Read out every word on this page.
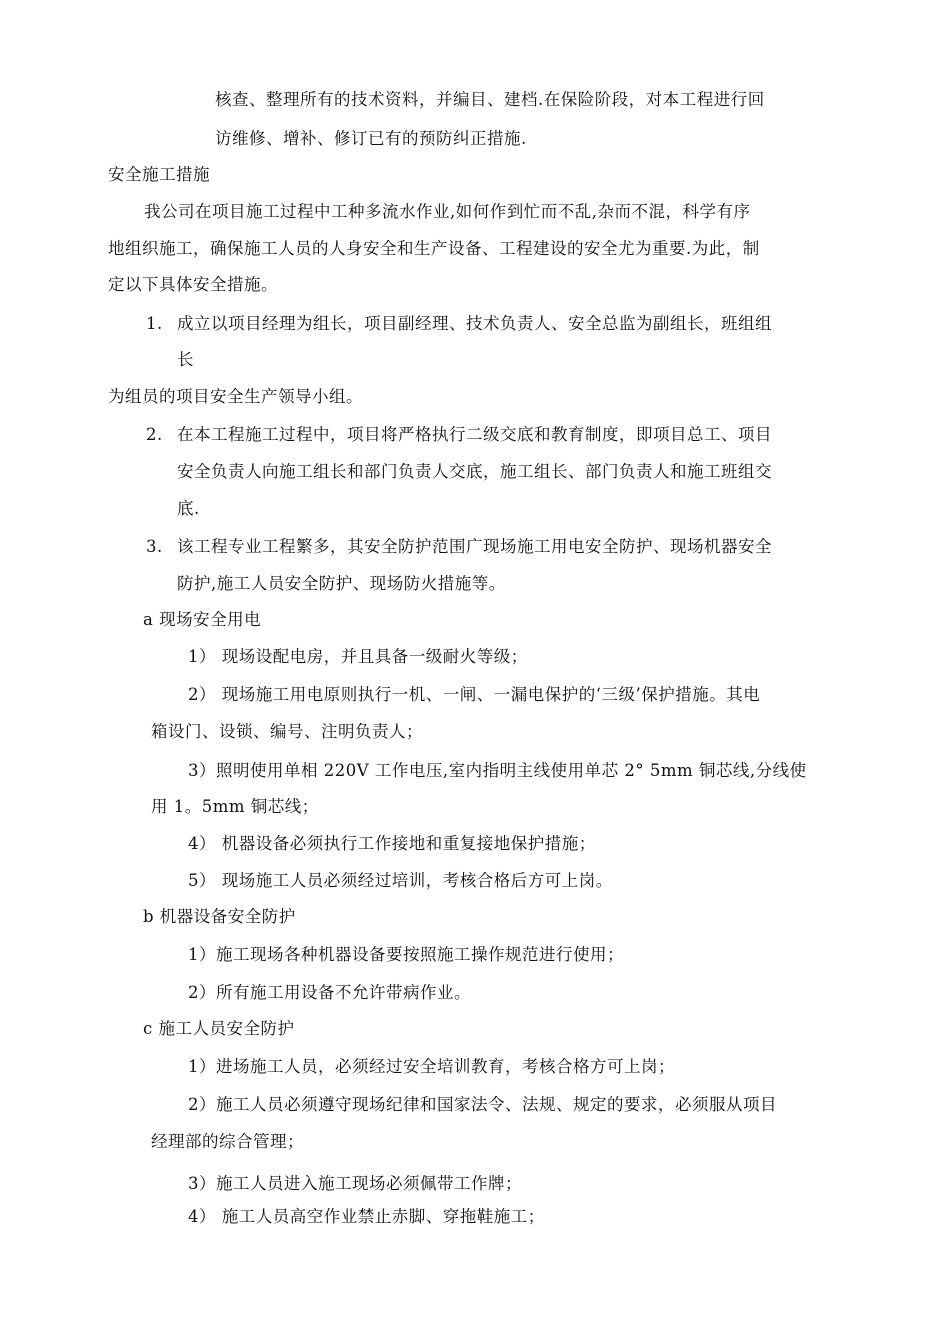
核查、整理所有的技术资料，并编目、建档.在保险阶段，对本工程进行回
访维修、增补、修订已有的预防纠正措施.
安全施工措施
我公司在项目施工过程中工种多流水作业,如何作到忙而不乱,杂而不混，科学有序
地组织施工，确保施工人员的人身安全和生产设备、工程建设的安全尤为重要.为此，制
定以下具体安全措施。
1. 成立以项目经理为组长，项目副经理、技术负责人、安全总监为副组长，班组组
长
为组员的项目安全生产领导小组。
2. 在本工程施工过程中，项目将严格执行二级交底和教育制度，即项目总工、项目
安全负责人向施工组长和部门负责人交底，施工组长、部门负责人和施工班组交
底.
3. 该工程专业工程繁多，其安全防护范围广现场施工用电安全防护、现场机器安全
防护,施工人员安全防护、现场防火措施等。
a 现场安全用电
1） 现场设配电房，并且具备一级耐火等级；
2） 现场施工用电原则执行一机、一闸、一漏电保护的‘三级’保护措施。其电
箱设门、设锁、编号、注明负责人；
3）照明使用单相 220V 工作电压,室内指明主线使用单芯 2° 5mm 铜芯线,分线使
用 1。5mm 铜芯线；
4） 机器设备必须执行工作接地和重复接地保护措施；
5） 现场施工人员必须经过培训，考核合格后方可上岗。
b 机器设备安全防护
1）施工现场各种机器设备要按照施工操作规范进行使用；
2）所有施工用设备不允许带病作业。
c 施工人员安全防护
1）进场施工人员，必须经过安全培训教育，考核合格方可上岗；
2）施工人员必须遵守现场纪律和国家法令、法规、规定的要求，必须服从项目
经理部的综合管理；
3）施工人员进入施工现场必须佩带工作牌；
4） 施工人员高空作业禁止赤脚、穿拖鞋施工；
